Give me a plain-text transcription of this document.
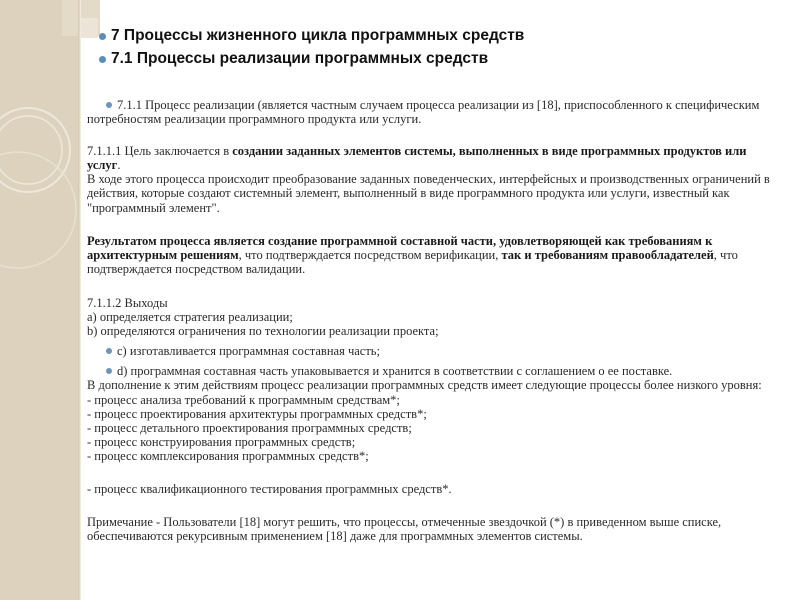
7 Процессы жизненного цикла программных средств
7.1 Процессы реализации программных средств

7.1.1 Процесс реализации (является частным случаем процесса реализации из [18], приспособленного к специфическим потребностям реализации программного продукта или услуги.

7.1.1.1 Цель заключается в создании заданных элементов системы, выполненных в виде программных продуктов или услуг.

В ходе этого процесса происходит преобразование заданных поведенческих, интерфейсных и производственных ограничений в действия, которые создают системный элемент, выполненный в виде программного продукта или услуги, известный как "программный элемент".

Результатом процесса является создание программной составной части, удовлетворяющей как требованиям к архитектурным решениям, что подтверждается посредством верификации, так и требованиям правообладателей, что подтверждается посредством валидации.

7.1.1.2 Выходы

a) определяется стратегия реализации;

b) определяются ограничения по технологии реализации проекта;

c) изготавливается программная составная часть;

d) программная составная часть упаковывается и хранится в соответствии с соглашением о ее поставке.

В дополнение к этим действиям процесс реализации программных средств имеет следующие процессы более низкого уровня:

- процесс анализа требований к программным средствам*;

- процесс проектирования архитектуры программных средств*;

- процесс детального проектирования программных средств;

- процесс конструирования программных средств;

- процесс комплексирования программных средств*;

- процесс квалификационного тестирования программных средств*.

Примечание - Пользователи [18] могут решить, что процессы, отмеченные звездочкой (*) в приведенном выше списке, обеспечиваются рекурсивным применением [18] даже для программных элементов системы.
